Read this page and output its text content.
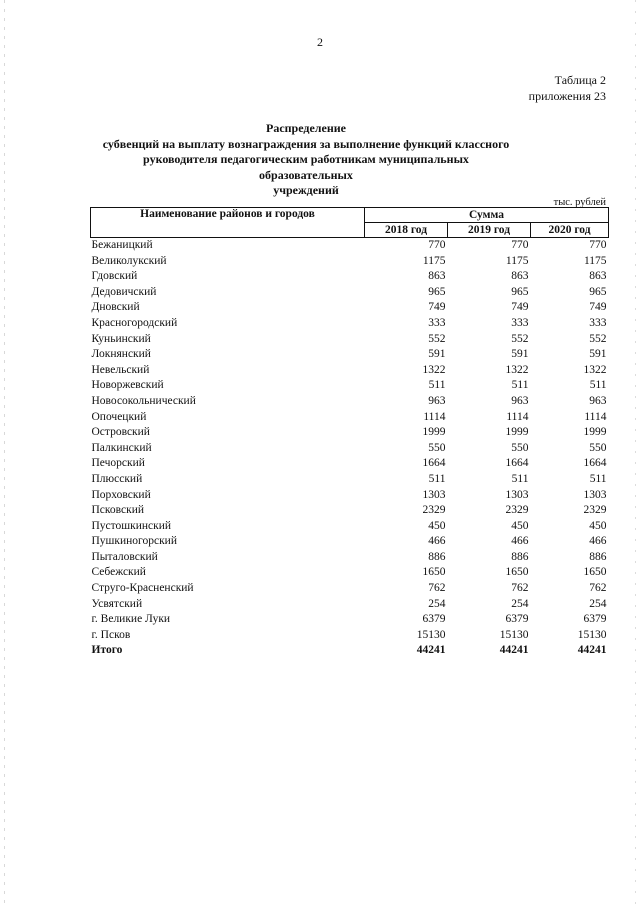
2
Таблица 2
приложения 23
Распределение
субвенций на выплату вознаграждения за выполнение функций классного
руководителя педагогическим работникам муниципальных образовательных
учреждений
тыс. рублей
Наименование районов и городов	Сумма		
	2018 год	2019 год	2020 год
Бежаницкий	770	770	770
Великолукский	1175	1175	1175
Гдовский	863	863	863
Дедовичский	965	965	965
Дновский	749	749	749
Красногородский	333	333	333
Куньинский	552	552	552
Локнянский	591	591	591
Невельский	1322	1322	1322
Новоржевский	511	511	511
Новосокольнический	963	963	963
Опочецкий	1114	1114	1114
Островский	1999	1999	1999
Палкинский	550	550	550
Печорский	1664	1664	1664
Плюсский	511	511	511
Порховский	1303	1303	1303
Псковский	2329	2329	2329
Пустошкинский	450	450	450
Пушкиногорский	466	466	466
Пыталовский	886	886	886
Себежский	1650	1650	1650
Струго-Красненский	762	762	762
Усвятский	254	254	254
г. Великие Луки	6379	6379	6379
г. Псков	15130	15130	15130
Итого	44241	44241	44241
